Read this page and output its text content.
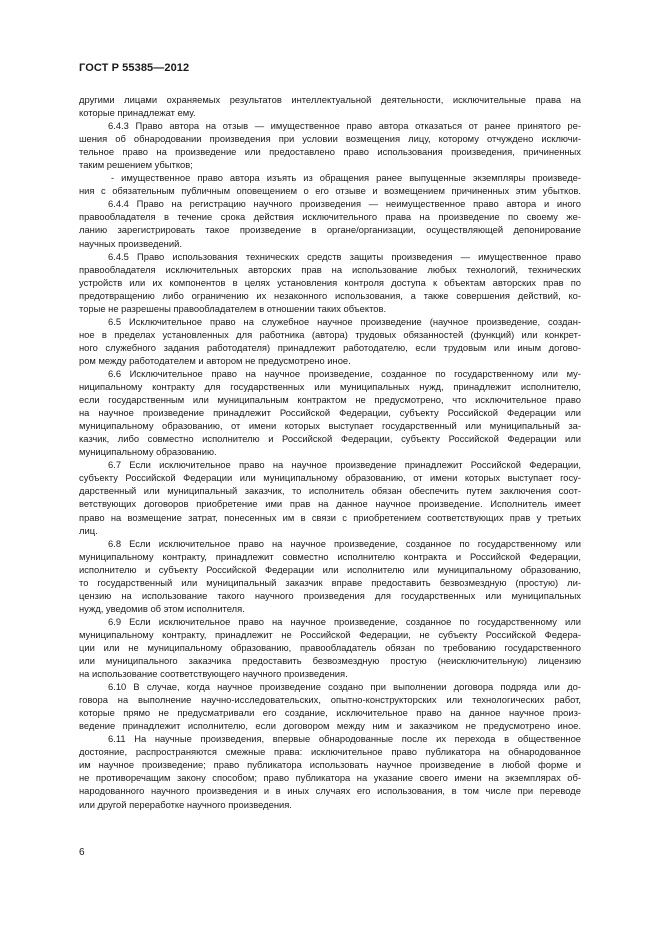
ГОСТ Р 55385—2012
другими лицами охраняемых результатов интеллектуальной деятельности, исключительные права на
которые принадлежат ему.
6.4.3 Право автора на отзыв — имущественное право автора отказаться от ранее принятого ре-
шения об обнародовании произведения при условии возмещения лицу, которому отчуждено исключи-
тельное право на произведение или предоставлено право использования произведения, причиненных
таким решением убытков;
- имущественное право автора изъять из обращения ранее выпущенные экземпляры произведе-
ния с обязательным публичным оповещением о его отзыве и возмещением причиненных этим убытков.
6.4.4 Право на регистрацию научного произведения — неимущественное право автора и иного
правообладателя в течение срока действия исключительного права на произведение по своему же-
ланию зарегистрировать такое произведение в органе/организации, осуществляющей депонирование
научных произведений.
6.4.5 Право использования технических средств защиты произведения — имущественное право
правообладателя исключительных авторских прав на использование любых технологий, технических
устройств или их компонентов в целях установления контроля доступа к объектам авторских прав по
предотвращению либо ограничению их незаконного использования, а также совершения действий, ко-
торые не разрешены правообладателем в отношении таких объектов.
6.5 Исключительное право на служебное научное произведение (научное произведение, создан-
ное в пределах установленных для работника (автора) трудовых обязанностей (функций) или конкрет-
ного служебного задания работодателя) принадлежит работодателю, если трудовым или иным догово-
ром между работодателем и автором не предусмотрено иное.
6.6 Исключительное право на научное произведение, созданное по государственному или му-
ниципальному контракту для государственных или муниципальных нужд, принадлежит исполнителю,
если государственным или муниципальным контрактом не предусмотрено, что исключительное право
на научное произведение принадлежит Российской Федерации, субъекту Российской Федерации или
муниципальному образованию, от имени которых выступает государственный или муниципальный за-
казчик, либо совместно исполнителю и Российской Федерации, субъекту Российской Федерации или
муниципальному образованию.
6.7 Если исключительное право на научное произведение принадлежит Российской Федерации,
субъекту Российской Федерации или муниципальному образованию, от имени которых выступает госу-
дарственный или муниципальный заказчик, то исполнитель обязан обеспечить путем заключения соот-
ветствующих договоров приобретение ими прав на данное научное произведение. Исполнитель имеет
право на возмещение затрат, понесенных им в связи с приобретением соответствующих прав у третьих
лиц.
6.8 Если исключительное право на научное произведение, созданное по государственному или
муниципальному контракту, принадлежит совместно исполнителю контракта и Российской Федерации,
исполнителю и субъекту Российской Федерации или исполнителю или муниципальному образованию,
то государственный или муниципальный заказчик вправе предоставить безвозмездную (простую) ли-
цензию на использование такого научного произведения для государственных или муниципальных
нужд, уведомив об этом исполнителя.
6.9 Если исключительное право на научное произведение, созданное по государственному или
муниципальному контракту, принадлежит не Российской Федерации, не субъекту Российской Федера-
ции или не муниципальному образованию, правообладатель обязан по требованию государственного
или муниципального заказчика предоставить безвозмездную простую (неисключительную) лицензию
на использование соответствующего научного произведения.
6.10 В случае, когда научное произведение создано при выполнении договора подряда или до-
говора на выполнение научно-исследовательских, опытно-конструкторских или технологических работ,
которые прямо не предусматривали его создание, исключительное право на данное научное произ-
ведение принадлежит исполнителю, если договором между ним и заказчиком не предусмотрено иное.
6.11 На научные произведения, впервые обнародованные после их перехода в общественное
достояние, распространяются смежные права: исключительное право публикатора на обнародованное
им научное произведение; право публикатора использовать научное произведение в любой форме и
не противоречащим закону способом; право публикатора на указание своего имени на экземплярах об-
народованного научного произведения и в иных случаях его использования, в том числе при переводе
или другой переработке научного произведения.
6
